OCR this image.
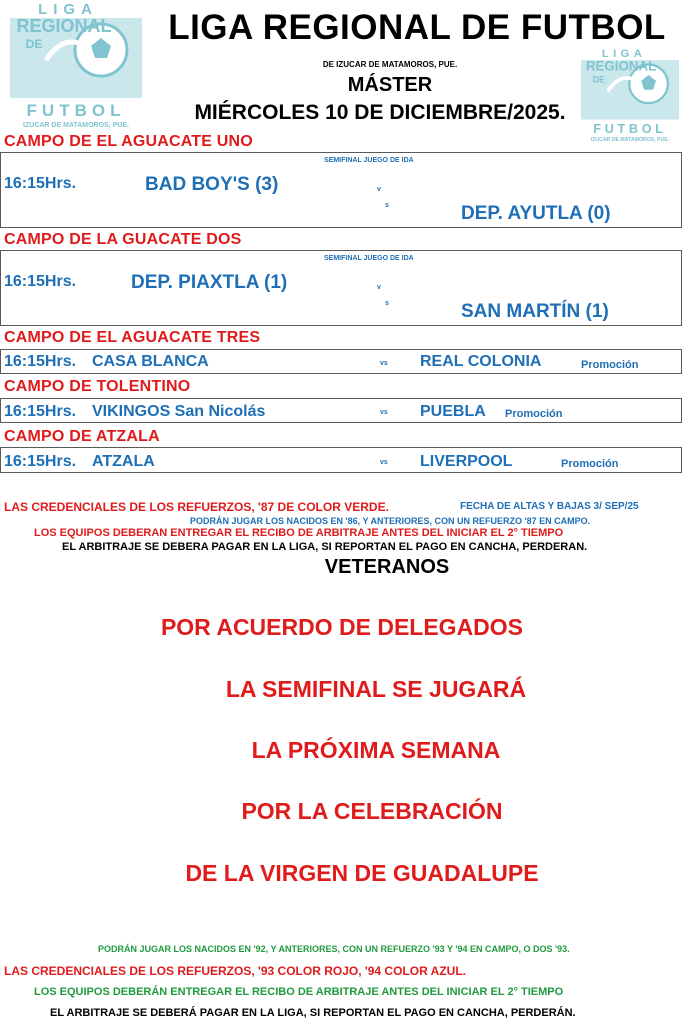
LIGA
REGIONAL
DE
FUTBOL
IZUCAR DE MATAMOROS, PUE.
LIGA
REGIONAL
DE
FUTBOL
IZUCAR DE MATAMOROS, PUE.
LIGA REGIONAL DE FUTBOL
DE IZUCAR DE MATAMOROS, PUE.
MÁSTER
MIÉRCOLES 10 DE DICIEMBRE/2025.
CAMPO DE EL AGUACATE UNO
SEMIFINAL JUEGO DE IDA
16:15Hrs.	BAD BOY'S (3)	v
s	DEP. AYUTLA (0)
CAMPO DE LA GUACATE DOS
SEMIFINAL JUEGO DE IDA
16:15Hrs.	DEP. PIAXTLA (1)	v
s	SAN MARTÍN (1)
CAMPO DE EL AGUACATE TRES
16:15Hrs. CASA BLANCA	vs REAL COLONIA	Promoción
CAMPO DE TOLENTINO
16:15Hrs. VIKINGOS San Nicolás	vs PUEBLA Promoción
CAMPO DE ATZALA
16:15Hrs. ATZALA	vs LIVERPOOL	Promoción
LAS CREDENCIALES DE LOS REFUERZOS, '87 DE COLOR VERDE.	FECHA DE ALTAS Y BAJAS 3/ SEP/25
PODRÁN JUGAR LOS NACIDOS EN '86, Y ANTERIORES, CON UN REFUERZO '87 EN CAMPO.
LOS EQUIPOS DEBERAN ENTREGAR EL RECIBO DE ARBITRAJE ANTES DEL INICIAR EL 2° TIEMPO
EL ARBITRAJE SE DEBERA PAGAR EN LA LIGA, SI REPORTAN EL PAGO EN CANCHA, PERDERAN.
VETERANOS
POR ACUERDO DE DELEGADOS
LA SEMIFINAL SE JUGARÁ
LA PRÓXIMA SEMANA
POR LA CELEBRACIÓN
DE LA VIRGEN DE GUADALUPE
PODRÁN JUGAR LOS NACIDOS EN '92, Y ANTERIORES, CON UN REFUERZO '93 Y '94 EN CAMPO, O DOS '93.
LAS CREDENCIALES DE LOS REFUERZOS, '93 COLOR ROJO, '94 COLOR AZUL.
LOS EQUIPOS DEBERÁN ENTREGAR EL RECIBO DE ARBITRAJE ANTES DEL INICIAR EL 2° TIEMPO
EL ARBITRAJE SE DEBERÁ PAGAR EN LA LIGA, SI REPORTAN EL PAGO EN CANCHA, PERDERÁN.
